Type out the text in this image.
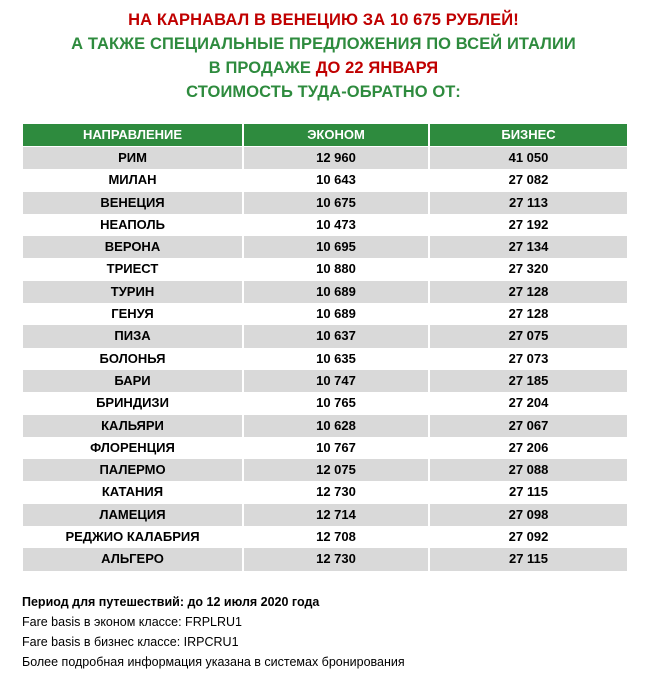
НА КАРНАВАЛ В ВЕНЕЦИЮ ЗА 10 675 РУБЛЕЙ!
А ТАКЖЕ СПЕЦИАЛЬНЫЕ ПРЕДЛОЖЕНИЯ ПО ВСЕЙ ИТАЛИИ
В ПРОДАЖЕ ДО 22 ЯНВАРЯ
СТОИМОСТЬ ТУДА-ОБРАТНО ОТ:
НАПРАВЛЕНИЕ	ЭКОНОМ	БИЗНЕС
РИМ	12 960	41 050
МИЛАН	10 643	27 082
ВЕНЕЦИЯ	10 675	27 113
НЕАПОЛЬ	10 473	27 192
ВЕРОНА	10 695	27 134
ТРИЕСТ	10 880	27 320
ТУРИН	10 689	27 128
ГЕНУЯ	10 689	27 128
ПИЗА	10 637	27 075
БОЛОНЬЯ	10 635	27 073
БАРИ	10 747	27 185
БРИНДИЗИ	10 765	27 204
КАЛЬЯРИ	10 628	27 067
ФЛОРЕНЦИЯ	10 767	27 206
ПАЛЕРМО	12 075	27 088
КАТАНИЯ	12 730	27 115
ЛАМЕЦИЯ	12 714	27 098
РЕДЖИО КАЛАБРИЯ	12 708	27 092
АЛЬГЕРО	12 730	27 115
Период для путешествий: до 12 июля 2020 года
Fare basis в эконом классе: FRPLRU1
Fare basis в бизнес классе: IRPCRU1
Более подробная информация указана в системах бронирования
